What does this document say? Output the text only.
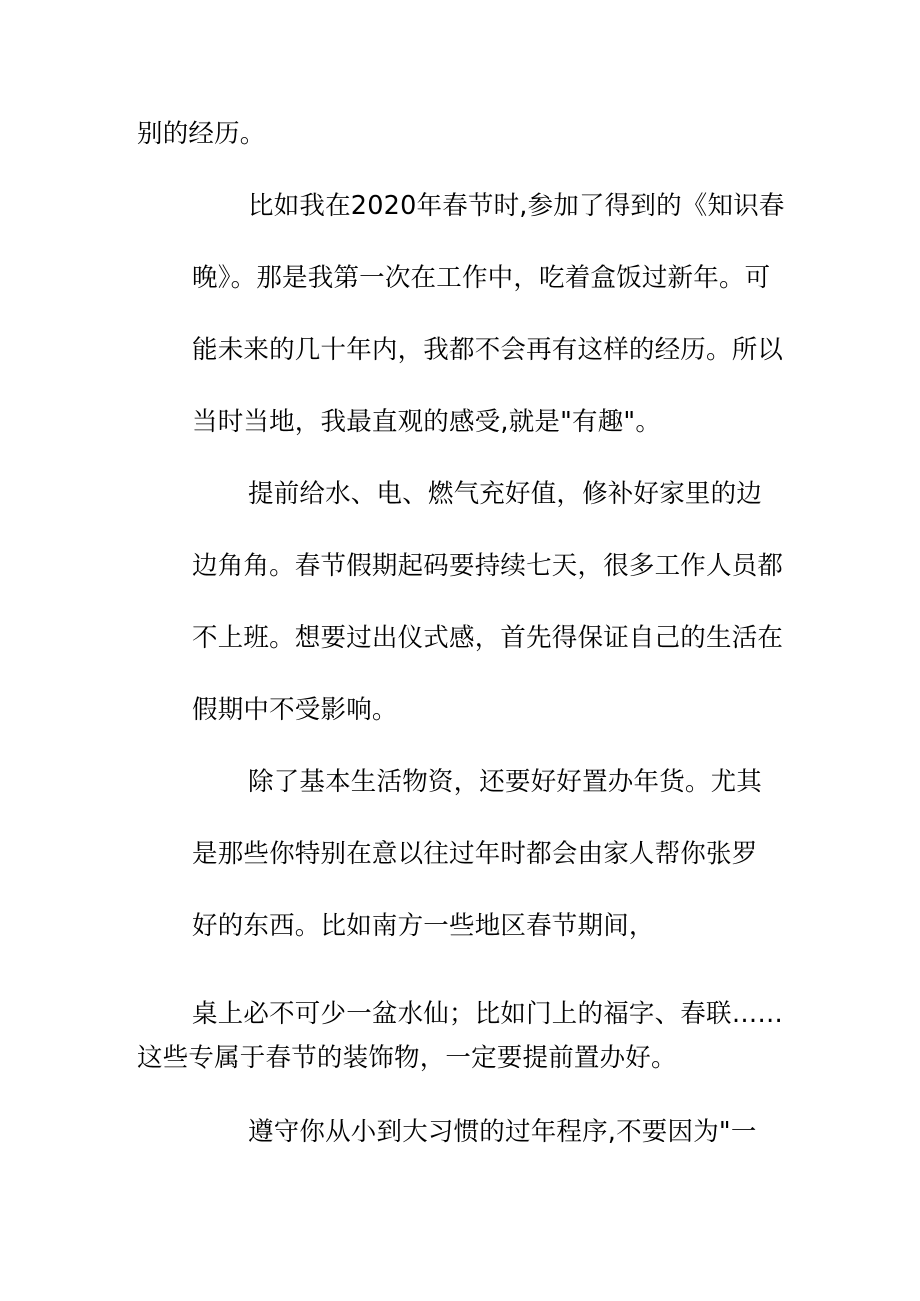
别的经历。
比如我在2020年春节时,参加了得到的《知识春
晚》。那是我第一次在工作中，吃着盒饭过新年。可
能未来的几十年内，我都不会再有这样的经历。所以
当时当地，我最直观的感受,就是"有趣"。
提前给水、电、燃气充好值，修补好家里的边
边角角。春节假期起码要持续七天，很多工作人员都
不上班。想要过出仪式感，首先得保证自己的生活在
假期中不受影响。
除了基本生活物资，还要好好置办年货。尤其
是那些你特别在意以往过年时都会由家人帮你张罗
好的东西。比如南方一些地区春节期间，
桌上必不可少一盆水仙；比如门上的福字、春联……
这些专属于春节的装饰物，一定要提前置办好。
遵守你从小到大习惯的过年程序,不要因为"一
